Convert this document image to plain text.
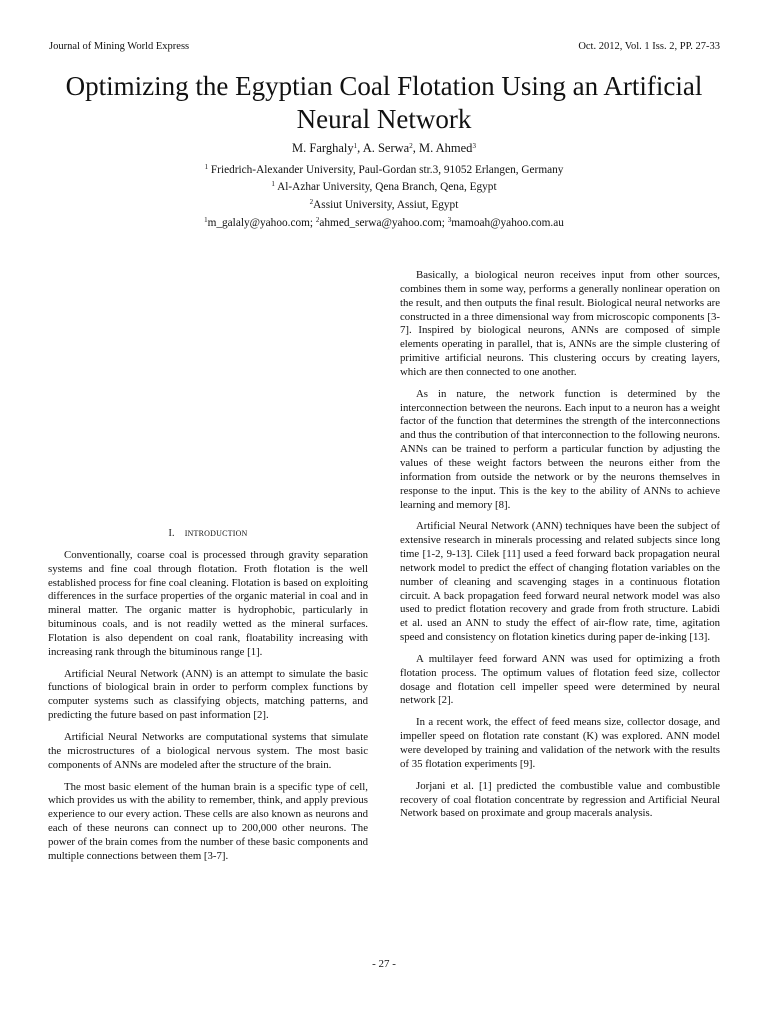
Journal of Mining World Express	Oct. 2012, Vol. 1 Iss. 2, PP. 27-33
Optimizing the Egyptian Coal Flotation Using an Artificial Neural Network
M. Farghaly$^1$, A. Serwa$^2$, M. Ahmed$^3$
$^1$ Friedrich-Alexander University, Paul-Gordan str.3, 91052 Erlangen, Germany
$^1$ Al-Azhar University, Qena Branch, Qena, Egypt
$^2$Assiut University, Assiut, Egypt
$^1$m_galaly@yahoo.com; $^2$ahmed_serwa@yahoo.com; $^3$mamoah@yahoo.com.au
I. introduction

Conventionally, coarse coal is processed through gravity separation systems and fine coal through flotation. Froth flotation is the well established process for fine coal cleaning. Flotation is based on exploiting differences in the surface properties of the organic material in coal and in mineral matter. The organic matter is hydrophobic, particularly in bituminous coals, and is not readily wetted as the mineral surfaces. Flotation is also dependent on coal rank, floatability increasing with increasing rank through the bituminous range [1].

Artificial Neural Network (ANN) is an attempt to simulate the basic functions of biological brain in order to perform complex functions by computer systems such as classifying objects, matching patterns, and predicting the future based on past information [2].

Artificial Neural Networks are computational systems that simulate the microstructures of a biological nervous system. The most basic components of ANNs are modeled after the structure of the brain.

The most basic element of the human brain is a specific type of cell, which provides us with the ability to remember, think, and apply previous experience to our every action. These cells are also known as neurons and each of these neurons can connect up to 200,000 other neurons. The power of the brain comes from the number of these basic components and multiple connections between them [3-7].

Basically, a biological neuron receives input from other sources, combines them in some way, performs a generally nonlinear operation on the result, and then outputs the final result. Biological neural networks are constructed in a three dimensional way from microscopic components [3-7]. Inspired by biological neurons, ANNs are composed of simple elements operating in parallel, that is, ANNs are the simple clustering of primitive artificial neurons. This clustering occurs by creating layers, which are then connected to one another.

As in nature, the network function is determined by the interconnection between the neurons. Each input to a neuron has a weight factor of the function that determines the strength of the interconnections and thus the contribution of that interconnection to the following neurons. ANNs can be trained to perform a particular function by adjusting the values of these weight factors between the neurons either from the information from outside the network or by the neurons themselves in response to the input. This is the key to the ability of ANNs to achieve learning and memory [8].

Artificial Neural Network (ANN) techniques have been the subject of extensive research in minerals processing and related subjects since long time [1-2, 9-13]. Cilek [11] used a feed forward back propagation neural network model to predict the effect of changing flotation variables on the number of cleaning and scavenging stages in a continuous flotation circuit. A back propagation feed forward neural network model was also used to predict flotation recovery and grade from froth structure. Labidi et al. used an ANN to study the effect of air-flow rate, time, agitation speed and consistency on flotation kinetics during paper de-inking [13].

A multilayer feed forward ANN was used for optimizing a froth flotation process. The optimum values of flotation feed size, collector dosage and flotation cell impeller speed were determined by neural network [2].

In a recent work, the effect of feed means size, collector dosage, and impeller speed on flotation rate constant (K) was explored. ANN model were developed by training and validation of the network with the results of 35 flotation experiments [9].

Jorjani et al. [1] predicted the combustible value and combustible recovery of coal flotation concentrate by regression and Artificial Neural Network based on proximate and group macerals analysis.

- 27 -
